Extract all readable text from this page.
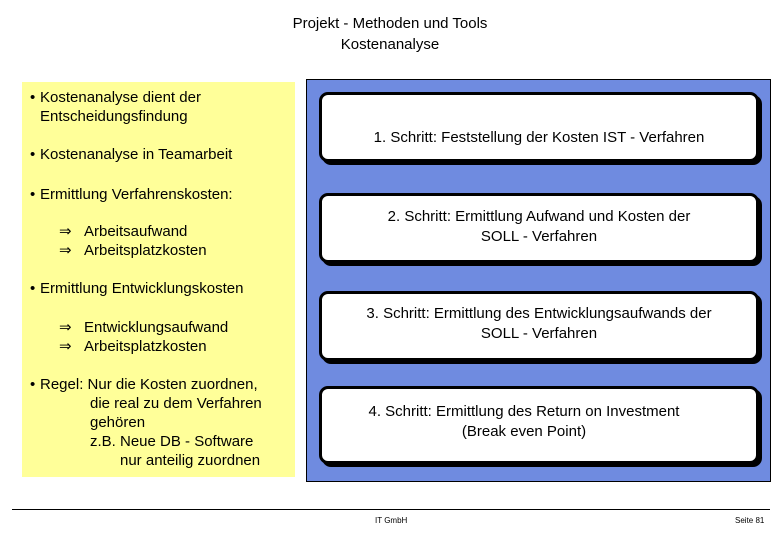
Projekt - Methoden und Tools
Kostenanalyse
• Kostenanalyse dient der
Entscheidungsfindung
• Kostenanalyse in Teamarbeit
• Ermittlung Verfahrenskosten:
⇒ Arbeitsaufwand
⇒ Arbeitsplatzkosten
• Ermittlung Entwicklungskosten
⇒ Entwicklungsaufwand
⇒ Arbeitsplatzkosten
• Regel: Nur die Kosten zuordnen,
die real zu dem Verfahren
gehören
z.B. Neue DB - Software
nur anteilig zuordnen
1. Schritt: Feststellung der Kosten IST - Verfahren
2. Schritt: Ermittlung Aufwand und Kosten der
SOLL - Verfahren
3. Schritt: Ermittlung des Entwicklungsaufwands der
SOLL - Verfahren
4. Schritt: Ermittlung des Return on Investment
(Break even Point)
IT GmbH	Seite 81
